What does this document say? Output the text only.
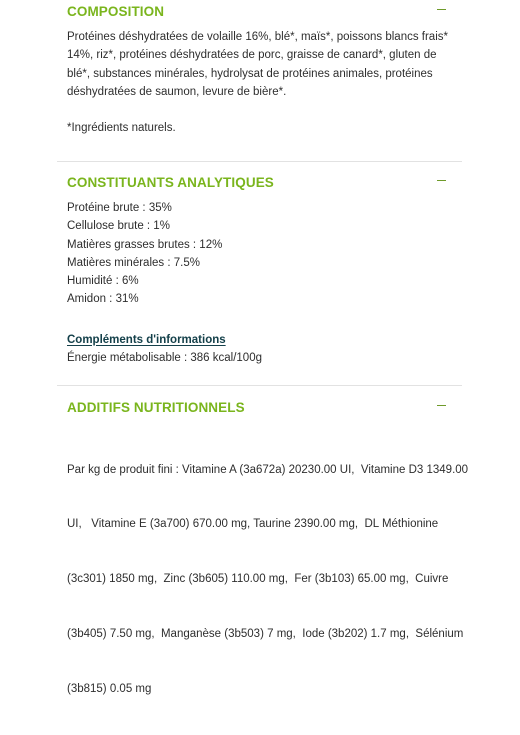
COMPOSITION
Protéines déshydratées de volaille 16%, blé*, maïs*, poissons blancs frais*
14%, riz*, protéines déshydratées de porc, graisse de canard*, gluten de
blé*, substances minérales, hydrolysat de protéines animales, protéines
déshydratées de saumon, levure de bière*.
*Ingrédients naturels.
CONSTITUANTS ANALYTIQUES
Protéine brute : 35%
Cellulose brute : 1%
Matières grasses brutes : 12%
Matières minérales : 7.5%
Humidité : 6%
Amidon : 31%
Compléments d'informations
Énergie métabolisable : 386 kcal/100g
ADDITIFS NUTRITIONNELS

Par kg de produit fini : Vitamine A (3a672a) 20230.00 UI,  Vitamine D3 1349.00

UI,   Vitamine E (3a700) 670.00 mg, Taurine 2390.00 mg,  DL Méthionine

(3c301) 1850 mg,  Zinc (3b605) 110.00 mg,  Fer (3b103) 65.00 mg,  Cuivre

(3b405) 7.50 mg,  Manganèse (3b503) 7 mg,  Iode (3b202) 1.7 mg,  Sélénium

(3b815) 0.05 mg
